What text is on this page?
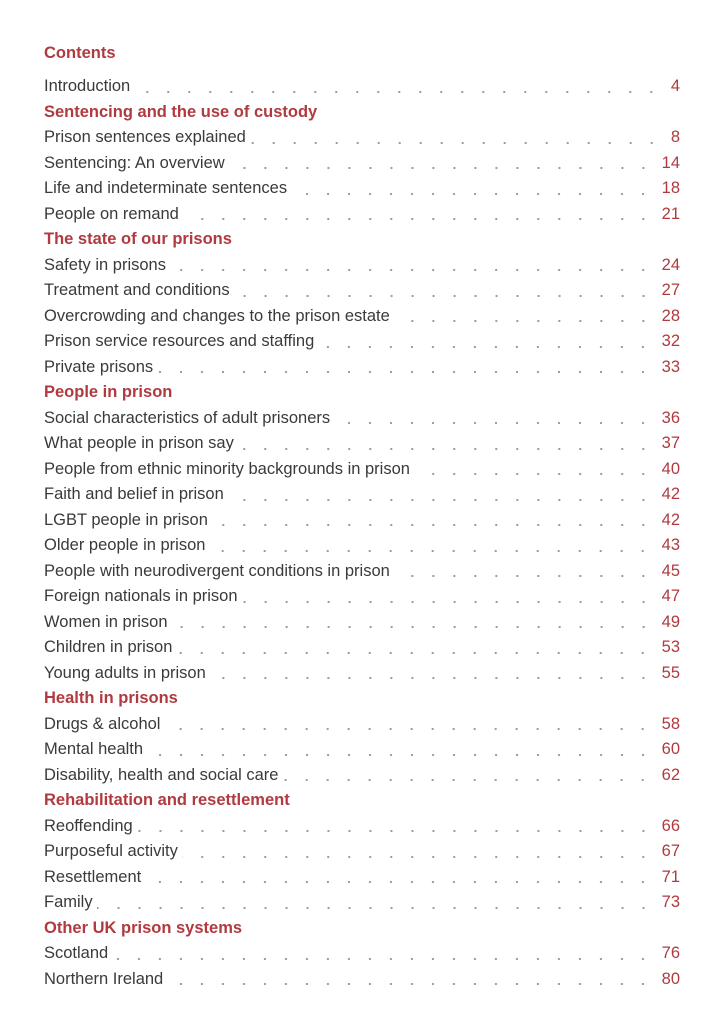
Contents
Introduction	4
Sentencing and the use of custody
Prison sentences explained	8
Sentencing: An overview	14
Life and indeterminate sentences	18
People on remand	21
The state of our prisons
Safety in prisons	24
Treatment and conditions	27
Overcrowding and changes to the prison estate	28
Prison service resources and staffing	32
Private prisons	33
People in prison
Social characteristics of adult prisoners	36
What people in prison say	37
People from ethnic minority backgrounds in prison	40
Faith and belief in prison	42
LGBT people in prison	42
Older people in prison	43
People with neurodivergent conditions in prison	45
Foreign nationals in prison	47
Women in prison	49
Children in prison	53
Young adults in prison	55
Health in prisons
Drugs & alcohol	58
Mental health	60
Disability, health and social care	62
Rehabilitation and resettlement
Reoffending	66
Purposeful activity	67
Resettlement	71
Family	73
Other UK prison systems
Scotland	76
Northern Ireland	80
